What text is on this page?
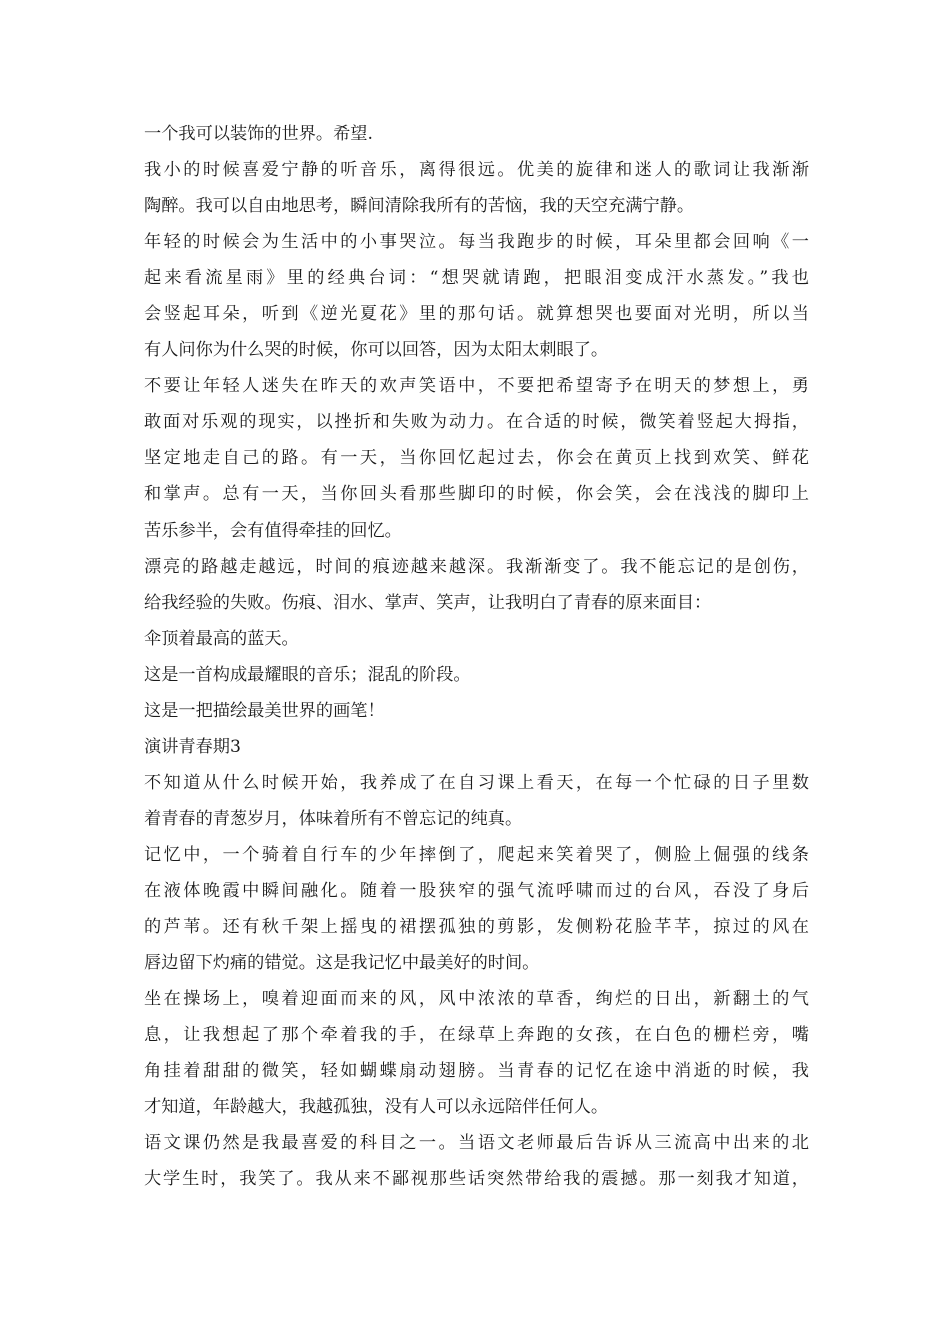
一个我可以装饰的世界。希望.
我小的时候喜爱宁静的听音乐，离得很远。优美的旋律和迷人的歌词让我渐渐
陶醉。我可以自由地思考，瞬间清除我所有的苦恼，我的天空充满宁静。
年轻的时候会为生活中的小事哭泣。每当我跑步的时候，耳朵里都会回响《一
起来看流星雨》里的经典台词：“想哭就请跑，把眼泪变成汗水蒸发。”我也
会竖起耳朵，听到《逆光夏花》里的那句话。就算想哭也要面对光明，所以当
有人问你为什么哭的时候，你可以回答，因为太阳太刺眼了。
不要让年轻人迷失在昨天的欢声笑语中，不要把希望寄予在明天的梦想上，勇
敢面对乐观的现实，以挫折和失败为动力。在合适的时候，微笑着竖起大拇指，
坚定地走自己的路。有一天，当你回忆起过去，你会在黄页上找到欢笑、鲜花
和掌声。总有一天，当你回头看那些脚印的时候，你会笑，会在浅浅的脚印上
苦乐参半，会有值得牵挂的回忆。
漂亮的路越走越远，时间的痕迹越来越深。我渐渐变了。我不能忘记的是创伤，
给我经验的失败。伤痕、泪水、掌声、笑声，让我明白了青春的原来面目：
伞顶着最高的蓝天。
这是一首构成最耀眼的音乐；混乱的阶段。
这是一把描绘最美世界的画笔！
演讲青春期3
不知道从什么时候开始，我养成了在自习课上看天，在每一个忙碌的日子里数
着青春的青葱岁月，体味着所有不曾忘记的纯真。
记忆中，一个骑着自行车的少年摔倒了，爬起来笑着哭了，侧脸上倔强的线条
在液体晚霞中瞬间融化。随着一股狭窄的强气流呼啸而过的台风，吞没了身后
的芦苇。还有秋千架上摇曳的裙摆孤独的剪影，发侧粉花脸芊芊，掠过的风在
唇边留下灼痛的错觉。这是我记忆中最美好的时间。
坐在操场上，嗅着迎面而来的风，风中浓浓的草香，绚烂的日出，新翻土的气
息，让我想起了那个牵着我的手，在绿草上奔跑的女孩，在白色的栅栏旁，嘴
角挂着甜甜的微笑，轻如蝴蝶扇动翅膀。当青春的记忆在途中消逝的时候，我
才知道，年龄越大，我越孤独，没有人可以永远陪伴任何人。
语文课仍然是我最喜爱的科目之一。当语文老师最后告诉从三流高中出来的北
大学生时，我笑了。我从来不鄙视那些话突然带给我的震撼。那一刻我才知道，
